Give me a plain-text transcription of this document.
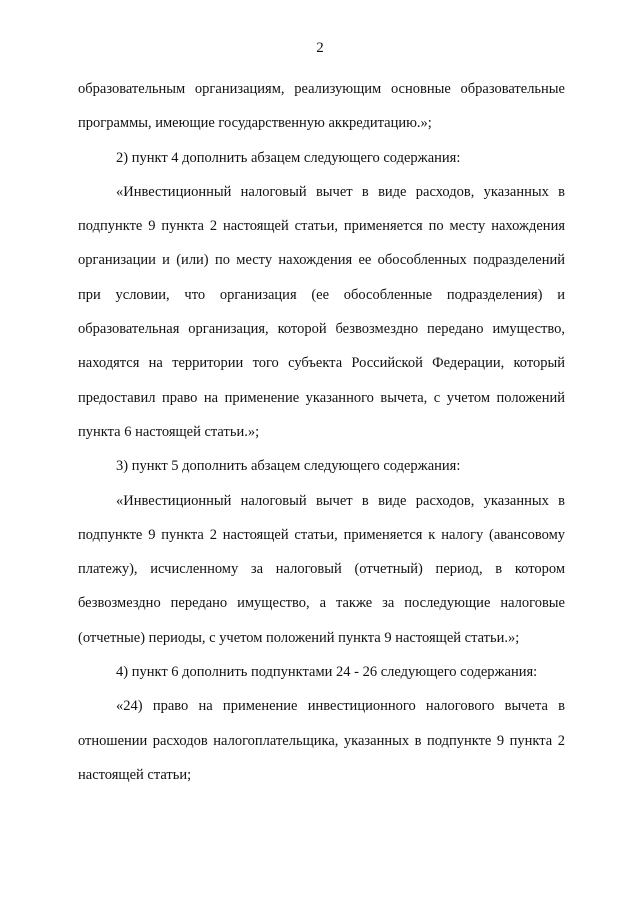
2

образовательным организациям, реализующим основные образовательные программы, имеющие государственную аккредитацию.»;

2) пункт 4 дополнить абзацем следующего содержания:

«Инвестиционный налоговый вычет в виде расходов, указанных в подпункте 9 пункта 2 настоящей статьи, применяется по месту нахождения организации и (или) по месту нахождения ее обособленных подразделений при условии, что организация (ее обособленные подразделения) и образовательная организация, которой безвозмездно передано имущество, находятся на территории того субъекта Российской Федерации, который предоставил право на применение указанного вычета, с учетом положений пункта 6 настоящей статьи.»;

3) пункт 5 дополнить абзацем следующего содержания:

«Инвестиционный налоговый вычет в виде расходов, указанных в подпункте 9 пункта 2 настоящей статьи, применяется к налогу (авансовому платежу), исчисленному за налоговый (отчетный) период, в котором безвозмездно передано имущество, а также за последующие налоговые (отчетные) периоды, с учетом положений пункта 9 настоящей статьи.»;

4) пункт 6 дополнить подпунктами 24 - 26 следующего содержания:

«24) право на применение инвестиционного налогового вычета в отношении расходов налогоплательщика, указанных в подпункте 9 пункта 2 настоящей статьи;
